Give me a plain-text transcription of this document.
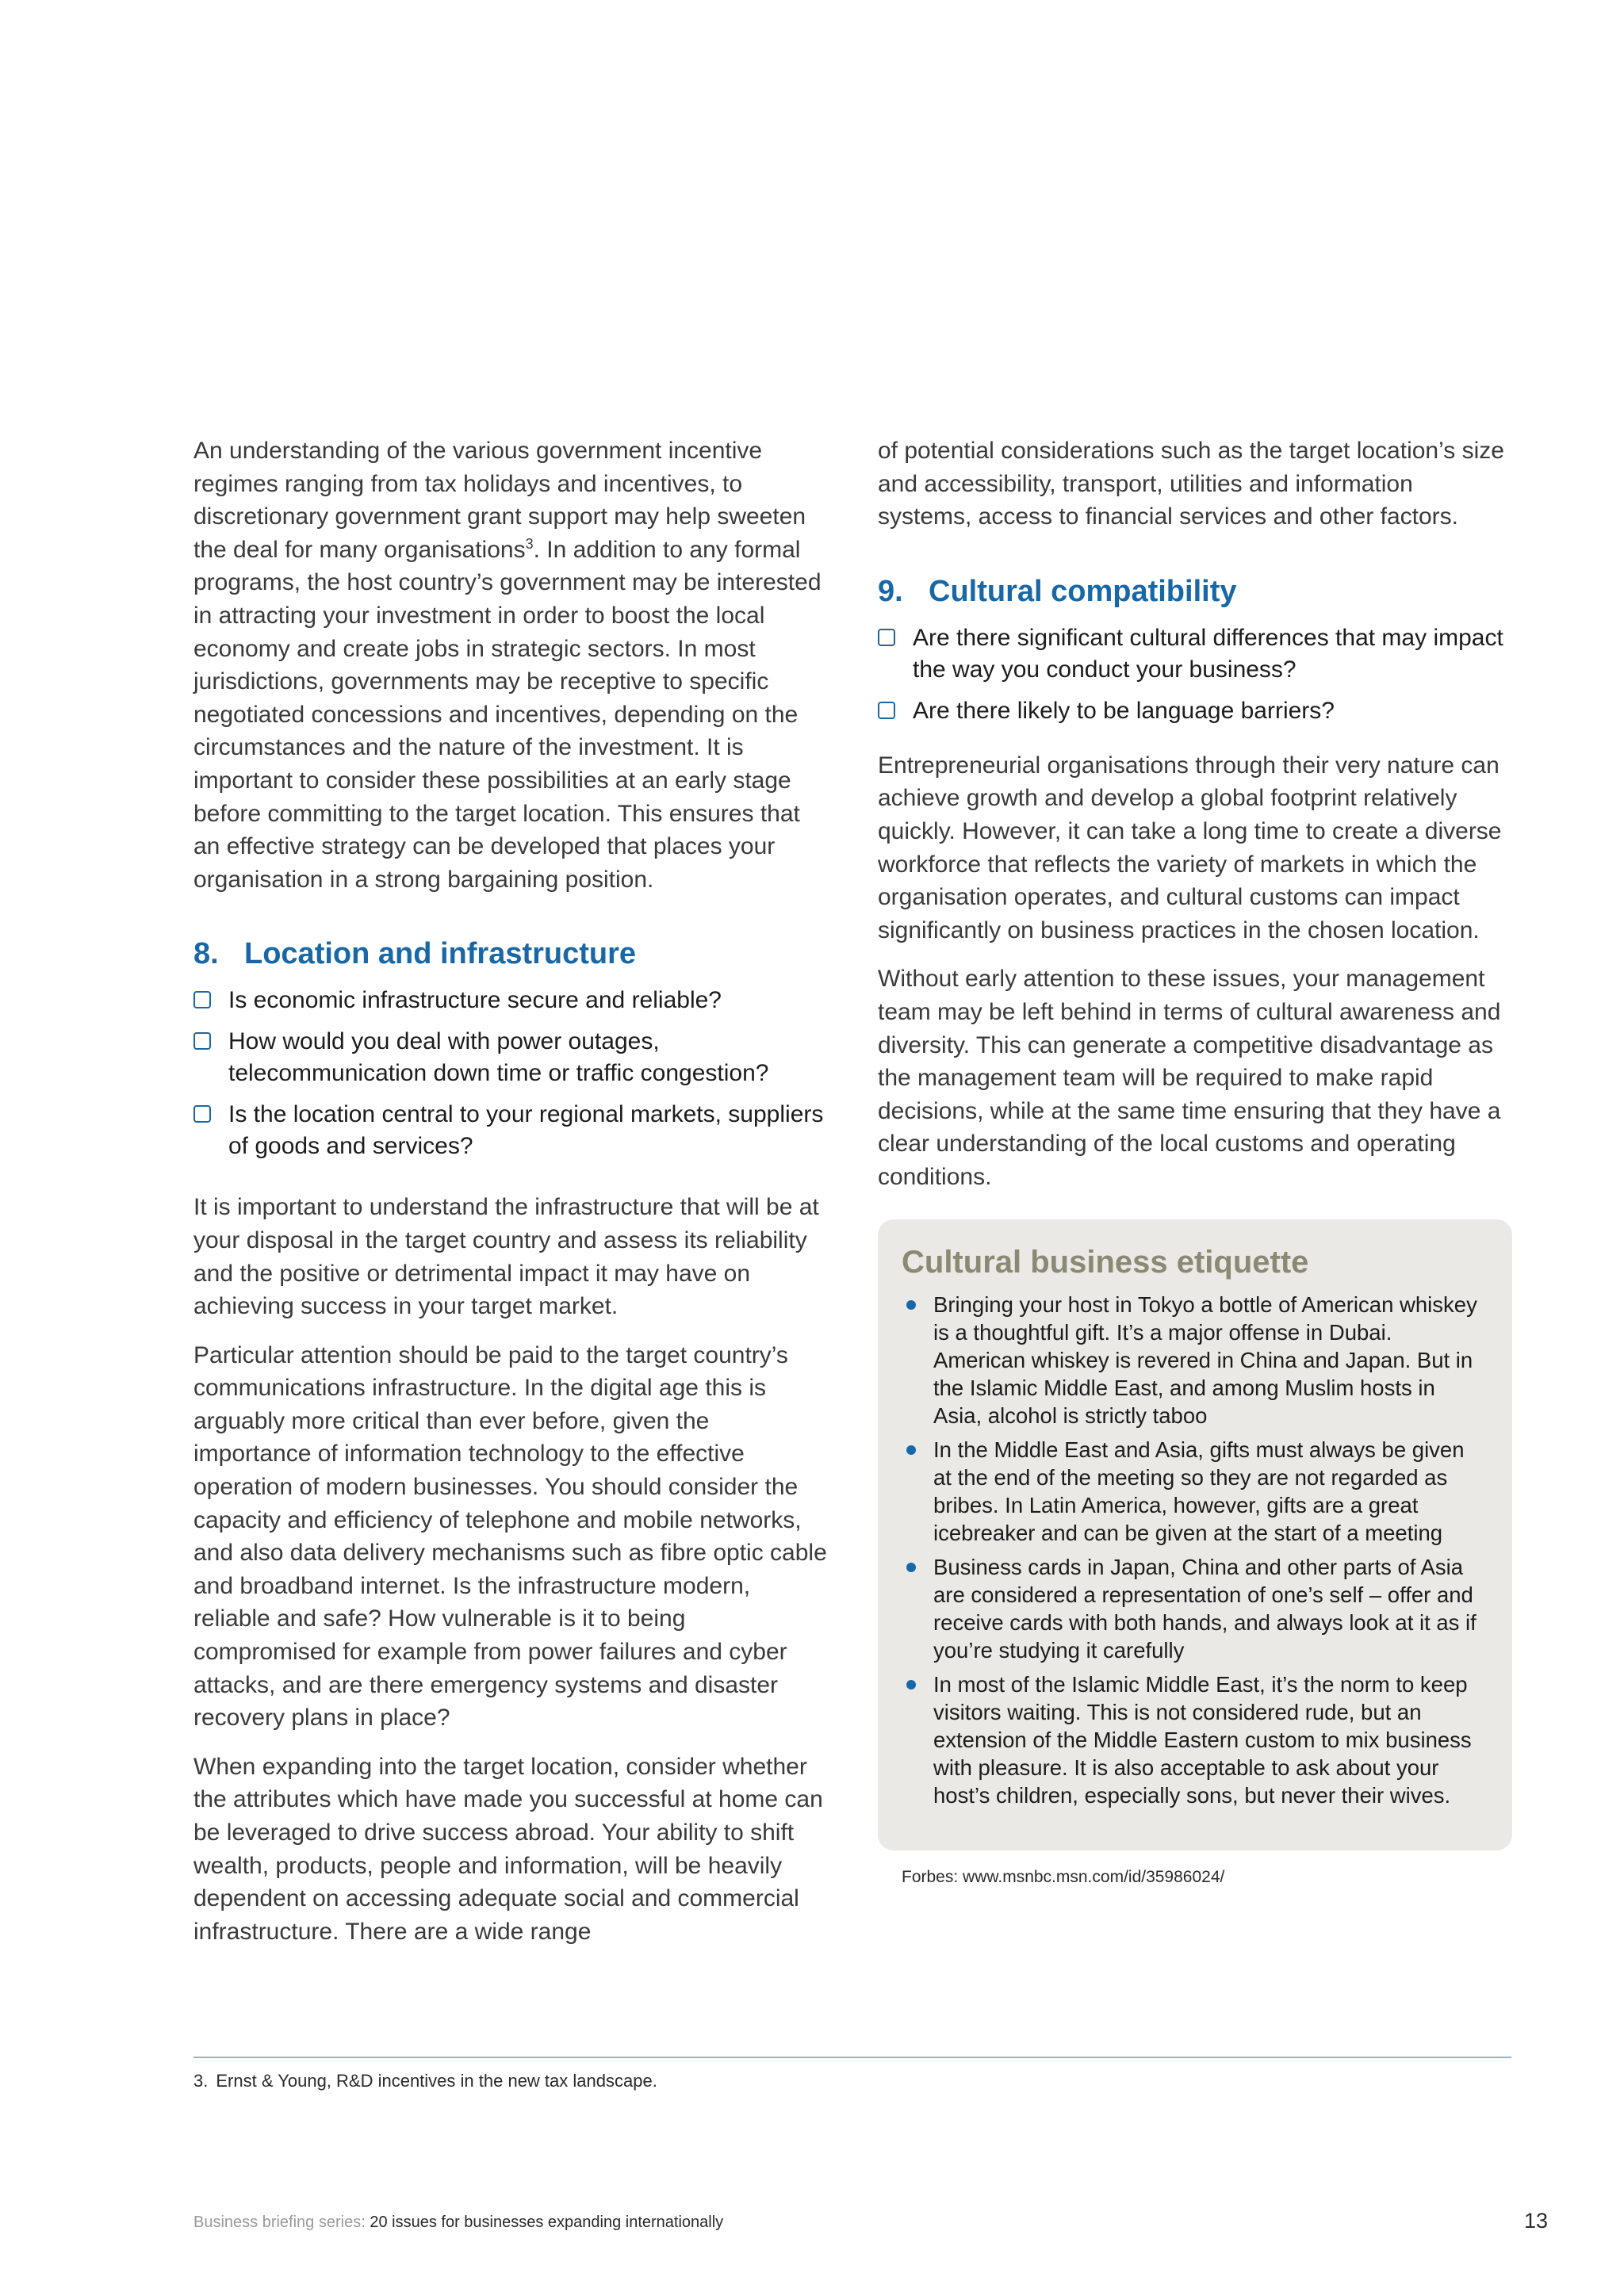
An understanding of the various government incentive regimes ranging from tax holidays and incentives, to discretionary government grant support may help sweeten the deal for many organisations$^3$. In addition to any formal programs, the host country’s government may be interested in attracting your investment in order to boost the local economy and create jobs in strategic sectors. In most jurisdictions, governments may be receptive to specific negotiated concessions and incentives, depending on the circumstances and the nature of the investment. It is important to consider these possibilities at an early stage before committing to the target location. This ensures that an effective strategy can be developed that places your organisation in a strong bargaining position.

8. Location and infrastructure
Is economic infrastructure secure and reliable?
How would you deal with power outages, telecommunication down time or traffic congestion?
Is the location central to your regional markets, suppliers of goods and services?

It is important to understand the infrastructure that will be at your disposal in the target country and assess its reliability and the positive or detrimental impact it may have on achieving success in your target market.

Particular attention should be paid to the target country’s communications infrastructure. In the digital age this is arguably more critical than ever before, given the importance of information technology to the effective operation of modern businesses. You should consider the capacity and efficiency of telephone and mobile networks, and also data delivery mechanisms such as fibre optic cable and broadband internet. Is the infrastructure modern, reliable and safe? How vulnerable is it to being compromised for example from power failures and cyber attacks, and are there emergency systems and disaster recovery plans in place?

When expanding into the target location, consider whether the attributes which have made you successful at home can be leveraged to drive success abroad. Your ability to shift wealth, products, people and information, will be heavily dependent on accessing adequate social and commercial infrastructure. There are a wide range

of potential considerations such as the target location’s size and accessibility, transport, utilities and information systems, access to financial services and other factors.

9. Cultural compatibility
Are there significant cultural differences that may impact the way you conduct your business?
Are there likely to be language barriers?

Entrepreneurial organisations through their very nature can achieve growth and develop a global footprint relatively quickly. However, it can take a long time to create a diverse workforce that reflects the variety of markets in which the organisation operates, and cultural customs can impact significantly on business practices in the chosen location.

Without early attention to these issues, your management team may be left behind in terms of cultural awareness and diversity. This can generate a competitive disadvantage as the management team will be required to make rapid decisions, while at the same time ensuring that they have a clear understanding of the local customs and operating conditions.

Cultural business etiquette
Bringing your host in Tokyo a bottle of American whiskey is a thoughtful gift. It’s a major offense in Dubai. American whiskey is revered in China and Japan. But in the Islamic Middle East, and among Muslim hosts in Asia, alcohol is strictly taboo
In the Middle East and Asia, gifts must always be given at the end of the meeting so they are not regarded as bribes. In Latin America, however, gifts are a great icebreaker and can be given at the start of a meeting
Business cards in Japan, China and other parts of Asia are considered a representation of one’s self – offer and receive cards with both hands, and always look at it as if you’re studying it carefully
In most of the Islamic Middle East, it’s the norm to keep visitors waiting. This is not considered rude, but an extension of the Middle Eastern custom to mix business with pleasure. It is also acceptable to ask about your host’s children, especially sons, but never their wives.
Forbes: www.msnbc.msn.com/id/35986024/
3. Ernst & Young, R&D incentives in the new tax landscape.
Business briefing series: 20 issues for businesses expanding internationally	13
